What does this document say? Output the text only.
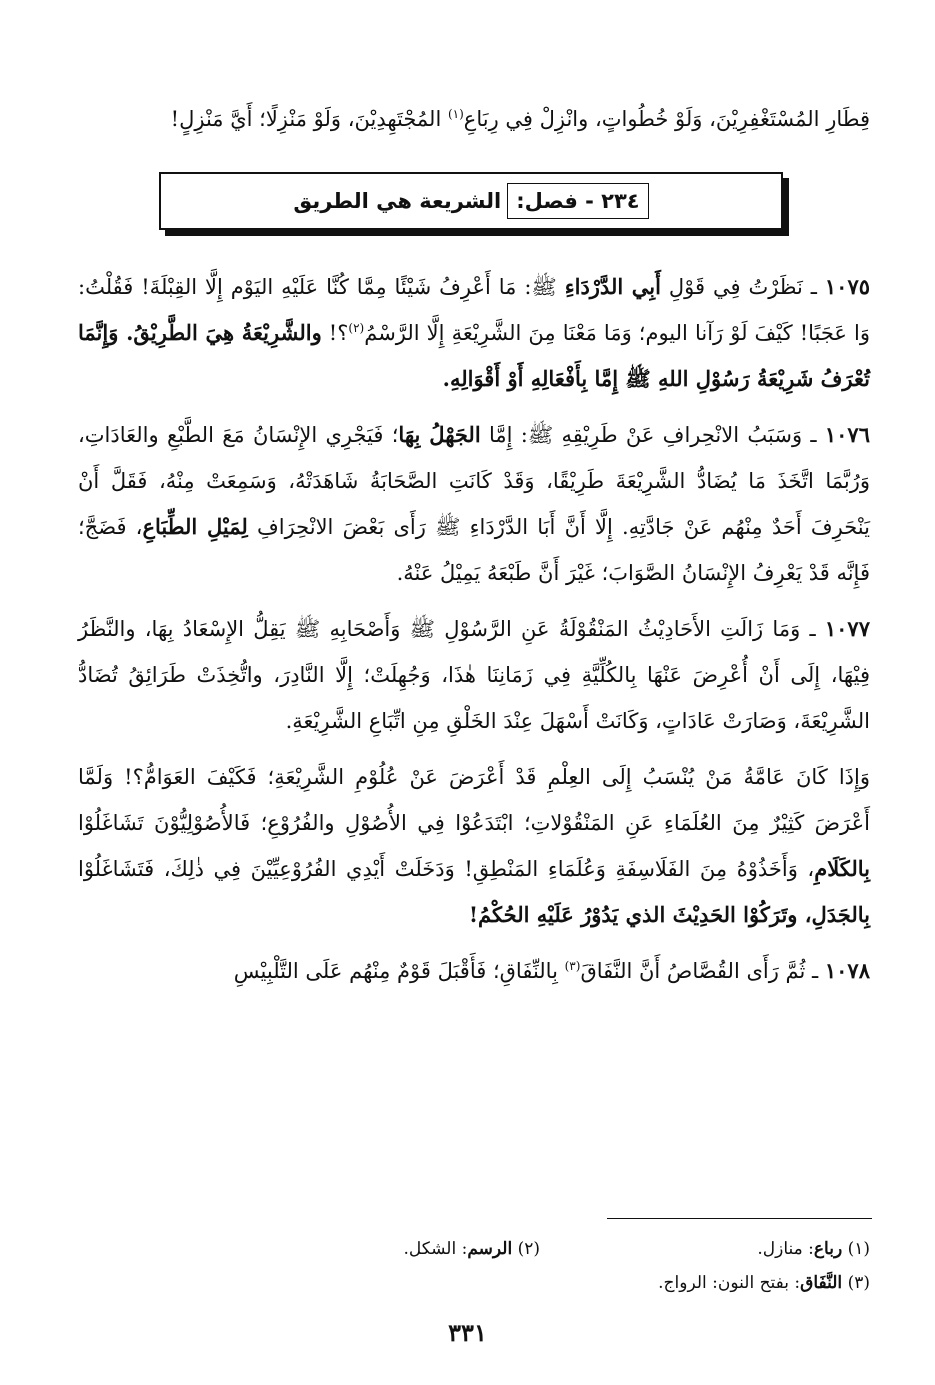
قِطَارِ المُسْتَغْفِرِيْنَ، وَلَوْ خُطُواتٍ، وانْزِلْ فِي رِبَاعِ$^{(١)}$ المُجْتَهِدِيْنَ، وَلَوْ مَنْزِلًا؛ أَيَّ مَنْزِلٍ!

٢٣٤ - فصل:
الشريعة هي الطريق

١٠٧٥ ـ نَظَرْتُ فِي قَوْلِ أَبِي الدَّرْدَاءِ ﷺ: مَا أَعْرِفُ شَيْئًا مِمَّا كُنَّا عَلَيْهِ اليَوْم إِلَّا القِبْلَةَ! فَقُلْتُ: وَا عَجَبًا! كَيْفَ لَوْ رَآنا اليوم؛ وَمَا مَعْنَا مِنَ الشَّرِيْعَةِ إِلَّا الرَّسْمُ$^{(٢)}$؟! والشَّرِيْعَةُ هِيَ الطَّرِيْقُ. وَإِنَّمَا تُعْرَفُ شَرِيْعَةُ رَسُوْلِ اللهِ ﷺ إِمَّا بِأَفْعَالِهِ أَوْ أَقْوَالِهِ.

١٠٧٦ ـ وَسَبَبُ الانْحِرافِ عَنْ طَرِيْقِهِ ﷺ: إِمَّا الجَهْلُ بِهَا؛ فَيَجْرِي الإِنْسَانُ مَعَ الطَّبْعِ والعَادَاتِ، وَرُبَّمَا اتَّخَذَ مَا يُضَادُّ الشَّرِيْعَةَ طَرِيْقًا، وَقَدْ كَانَتِ الصَّحَابَةُ شَاهَدَتْهُ، وَسَمِعَتْ مِنْهُ، فَقَلَّ أَنْ يَنْحَرِفَ أَحَدٌ مِنْهُم عَنْ جَادَّتِهِ. إِلَّا أَنَّ أَبَا الدَّرْدَاءِ ﷺ رَأَى بَعْضَ الانْحِرَافِ لِمَيْلِ الطِّبَاعِ، فَضَجَّ؛ فَإِنَّه قَدْ يَعْرِفُ الإِنْسَانُ الصَّوَابَ؛ غَيْرَ أَنَّ طَبْعَهُ يَمِيْلُ عَنْهُ.

١٠٧٧ ـ وَمَا زَالَتِ الأَحَادِيْثُ المَنْقُوْلَةُ عَنِ الرَّسُوْلِ ﷺ وَأَصْحَابِهِ ﷺ يَقِلُّ الإِسْعَادُ بِهَا، والنَّظَرُ فِيْهَا، إِلَى أَنْ أُعْرِضَ عَنْهَا بِالكُلِّيَّةِ فِي زَمَانِنَا هٰذَا، وَجُهِلَتْ؛ إِلَّا النَّادِرَ، واتُّخِذَتْ طَرَائِقُ تُضَادُّ الشَّرِيْعَةَ، وَصَارَتْ عَادَاتٍ، وَكَانَتْ أَسْهَلَ عِنْدَ الخَلْقِ مِنِ اتِّبَاعِ الشَّرِيْعَةِ.

وَإِذَا كَانَ عَامَّةُ مَنْ يُنْسَبُ إِلَى العِلْمِ قَدْ أَعْرَضَ عَنْ عُلُوْمِ الشَّرِيْعَةِ؛ فَكَيْفَ العَوَامُّ؟! وَلَمَّا أَعْرَضَ كَثِيْرٌ مِنَ العُلَمَاءِ عَنِ المَنْقُوْلاتِ؛ ابْتَدَعُوْا فِي الأُصُوْلِ والفُرُوْعِ؛ فَالأُصُوْلِيُّوْنَ تَشَاغَلُوْا بِالكَلَامِ، وَأَخَذُوْهُ مِنَ الفَلَاسِفَةِ وَعُلَمَاءِ المَنْطِقِ! وَدَخَلَتْ أَيْدِي الفُرُوْعِيِّيْنَ فِي ذٰلِكَ، فَتَشَاغَلُوْا بِالجَدَلِ، وتَرَكُوْا الحَدِيْثَ الذي يَدُوْرُ عَلَيْهِ الحُكْمُ!

١٠٧٨ ـ ثُمَّ رَأَى القُصَّاصُ أَنَّ النَّفَاقَ$^{(٣)}$ بِالنِّفَاقِ؛ فَأَقْبَلَ قَوْمٌ مِنْهُم عَلَى التَّلْبِيْسِ

(١) رباع: منازل.
(٢) الرسم: الشكل.
(٣) النَّفَاق: بفتح النون: الرواج.
٣٣١
